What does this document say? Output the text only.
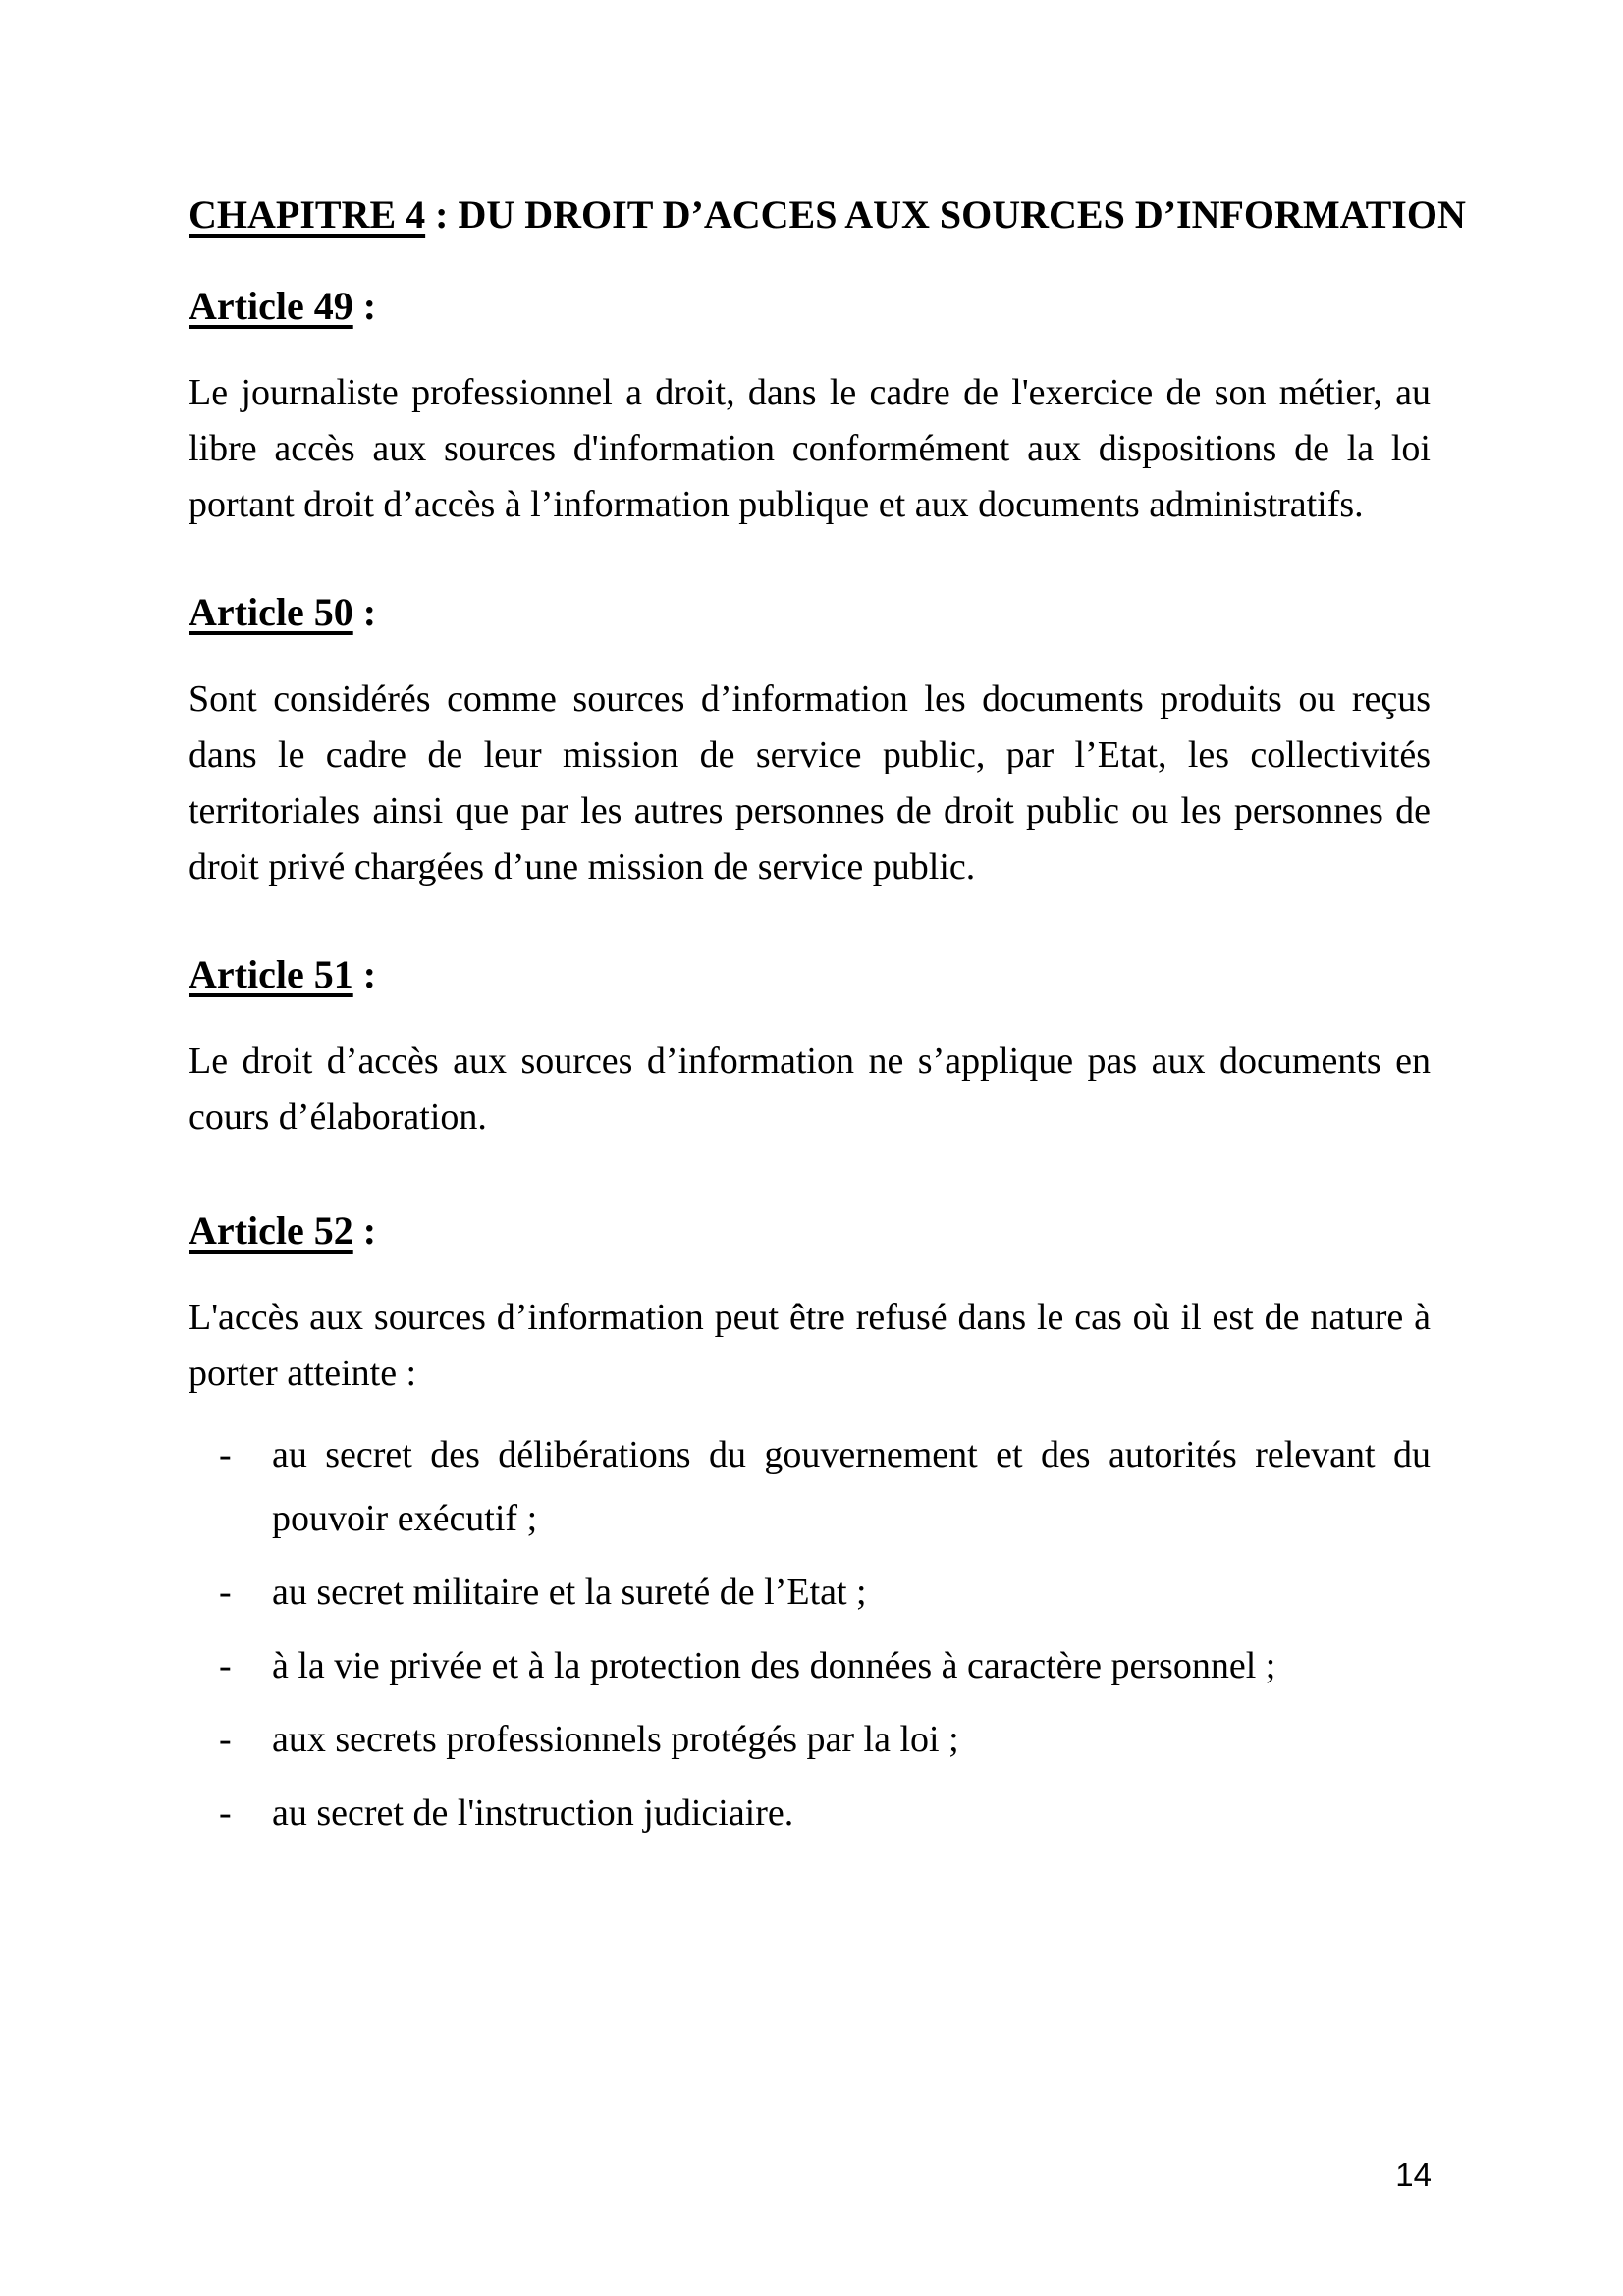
CHAPITRE 4 : DU DROIT D’ACCES AUX SOURCES D’INFORMATION
Article 49 :

Le journaliste professionnel a droit, dans le cadre de l'exercice de son métier, au libre accès aux sources d'information conformément aux dispositions de la loi portant droit d’accès à l’information publique et aux documents administratifs.

Article 50 :

Sont considérés comme sources d’information les documents produits ou reçus dans le cadre de leur mission de service public, par l’Etat, les collectivités territoriales ainsi que par les autres personnes de droit public ou les personnes de droit privé chargées d’une mission de service public.

Article 51 :

Le droit d’accès aux sources d’information ne s’applique pas aux documents en cours d’élaboration.

Article 52 :

L'accès aux sources d’information peut être refusé dans le cas où il est de nature à porter atteinte :

- au secret des délibérations du gouvernement et des autorités relevant du pouvoir exécutif ;
- au secret militaire et la sureté de l’Etat ;
- à la vie privée et à la protection des données à caractère personnel ;
- aux secrets professionnels protégés par la loi ;
- au secret de l'instruction judiciaire.
14
